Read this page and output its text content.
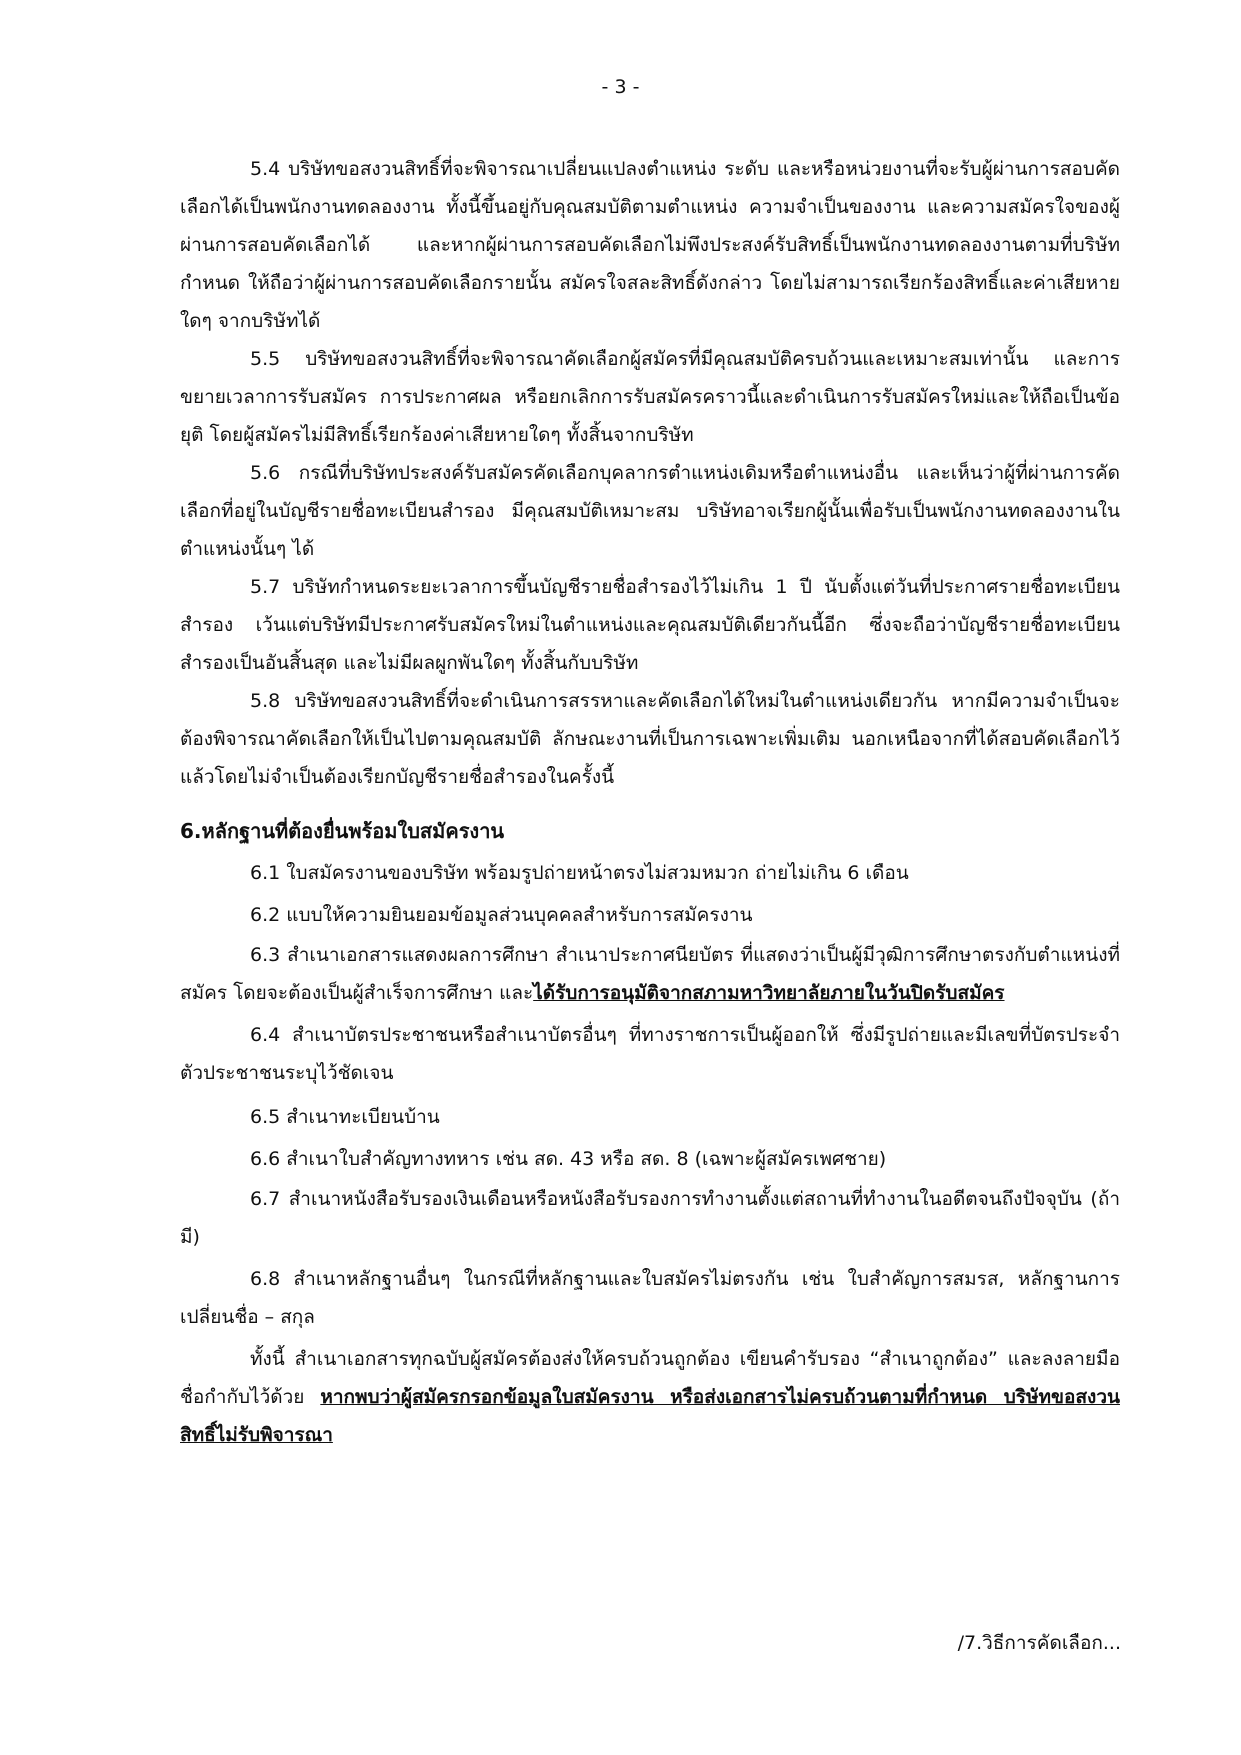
- 3 -

5.4 บริษัทขอสงวนสิทธิ์ที่จะพิจารณาเปลี่ยนแปลงตำแหน่ง ระดับ และหรือหน่วยงานที่จะรับผู้ผ่านการสอบคัดเลือกได้เป็นพนักงานทดลองงาน ทั้งนี้ขึ้นอยู่กับคุณสมบัติตามตำแหน่ง ความจำเป็นของงาน และความสมัครใจของผู้ผ่านการสอบคัดเลือกได้ และหากผู้ผ่านการสอบคัดเลือกไม่พึงประสงค์รับสิทธิ์เป็นพนักงานทดลองงานตามที่บริษัทกำหนด ให้ถือว่าผู้ผ่านการสอบคัดเลือกรายนั้น สมัครใจสละสิทธิ์ดังกล่าว โดยไม่สามารถเรียกร้องสิทธิ์และค่าเสียหายใดๆ จากบริษัทได้

5.5 บริษัทขอสงวนสิทธิ์ที่จะพิจารณาคัดเลือกผู้สมัครที่มีคุณสมบัติครบถ้วนและเหมาะสมเท่านั้น และการขยายเวลาการรับสมัคร การประกาศผล หรือยกเลิกการรับสมัครคราวนี้และดำเนินการรับสมัครใหม่และให้ถือเป็นข้อยุติ โดยผู้สมัครไม่มีสิทธิ์เรียกร้องค่าเสียหายใดๆ ทั้งสิ้นจากบริษัท

5.6 กรณีที่บริษัทประสงค์รับสมัครคัดเลือกบุคลากรตำแหน่งเดิมหรือตำแหน่งอื่น และเห็นว่าผู้ที่ผ่านการคัดเลือกที่อยู่ในบัญชีรายชื่อทะเบียนสำรอง มีคุณสมบัติเหมาะสม บริษัทอาจเรียกผู้นั้นเพื่อรับเป็นพนักงานทดลองงานในตำแหน่งนั้นๆ ได้

5.7 บริษัทกำหนดระยะเวลาการขึ้นบัญชีรายชื่อสำรองไว้ไม่เกิน 1 ปี นับตั้งแต่วันที่ประกาศรายชื่อทะเบียนสำรอง เว้นแต่บริษัทมีประกาศรับสมัครใหม่ในตำแหน่งและคุณสมบัติเดียวกันนี้อีก ซึ่งจะถือว่าบัญชีรายชื่อทะเบียนสำรองเป็นอันสิ้นสุด และไม่มีผลผูกพันใดๆ ทั้งสิ้นกับบริษัท

5.8 บริษัทขอสงวนสิทธิ์ที่จะดำเนินการสรรหาและคัดเลือกได้ใหม่ในตำแหน่งเดียวกัน หากมีความจำเป็นจะต้องพิจารณาคัดเลือกให้เป็นไปตามคุณสมบัติ ลักษณะงานที่เป็นการเฉพาะเพิ่มเติม นอกเหนือจากที่ได้สอบคัดเลือกไว้แล้วโดยไม่จำเป็นต้องเรียกบัญชีรายชื่อสำรองในครั้งนี้

6.หลักฐานที่ต้องยื่นพร้อมใบสมัครงาน

6.1 ใบสมัครงานของบริษัท พร้อมรูปถ่ายหน้าตรงไม่สวมหมวก ถ่ายไม่เกิน 6 เดือน

6.2 แบบให้ความยินยอมข้อมูลส่วนบุคคลสำหรับการสมัครงาน

6.3 สำเนาเอกสารแสดงผลการศึกษา สำเนาประกาศนียบัตร ที่แสดงว่าเป็นผู้มีวุฒิการศึกษาตรงกับตำแหน่งที่สมัคร โดยจะต้องเป็นผู้สำเร็จการศึกษา และได้รับการอนุมัติจากสภามหาวิทยาลัยภายในวันปิดรับสมัคร

6.4 สำเนาบัตรประชาชนหรือสำเนาบัตรอื่นๆ ที่ทางราชการเป็นผู้ออกให้ ซึ่งมีรูปถ่ายและมีเลขที่บัตรประจำตัวประชาชนระบุไว้ชัดเจน

6.5 สำเนาทะเบียนบ้าน

6.6 สำเนาใบสำคัญทางทหาร เช่น สด. 43 หรือ สด. 8 (เฉพาะผู้สมัครเพศชาย)

6.7 สำเนาหนังสือรับรองเงินเดือนหรือหนังสือรับรองการทำงานตั้งแต่สถานที่ทำงานในอดีตจนถึงปัจจุบัน (ถ้ามี)

6.8 สำเนาหลักฐานอื่นๆ ในกรณีที่หลักฐานและใบสมัครไม่ตรงกัน เช่น ใบสำคัญการสมรส, หลักฐานการเปลี่ยนชื่อ – สกุล

ทั้งนี้ สำเนาเอกสารทุกฉบับผู้สมัครต้องส่งให้ครบถ้วนถูกต้อง เขียนคำรับรอง “สำเนาถูกต้อง” และลงลายมือชื่อกำกับไว้ด้วย หากพบว่าผู้สมัครกรอกข้อมูลใบสมัครงาน หรือส่งเอกสารไม่ครบถ้วนตามที่กำหนด บริษัทขอสงวนสิทธิ์ไม่รับพิจารณา

/7.วิธีการคัดเลือก...
